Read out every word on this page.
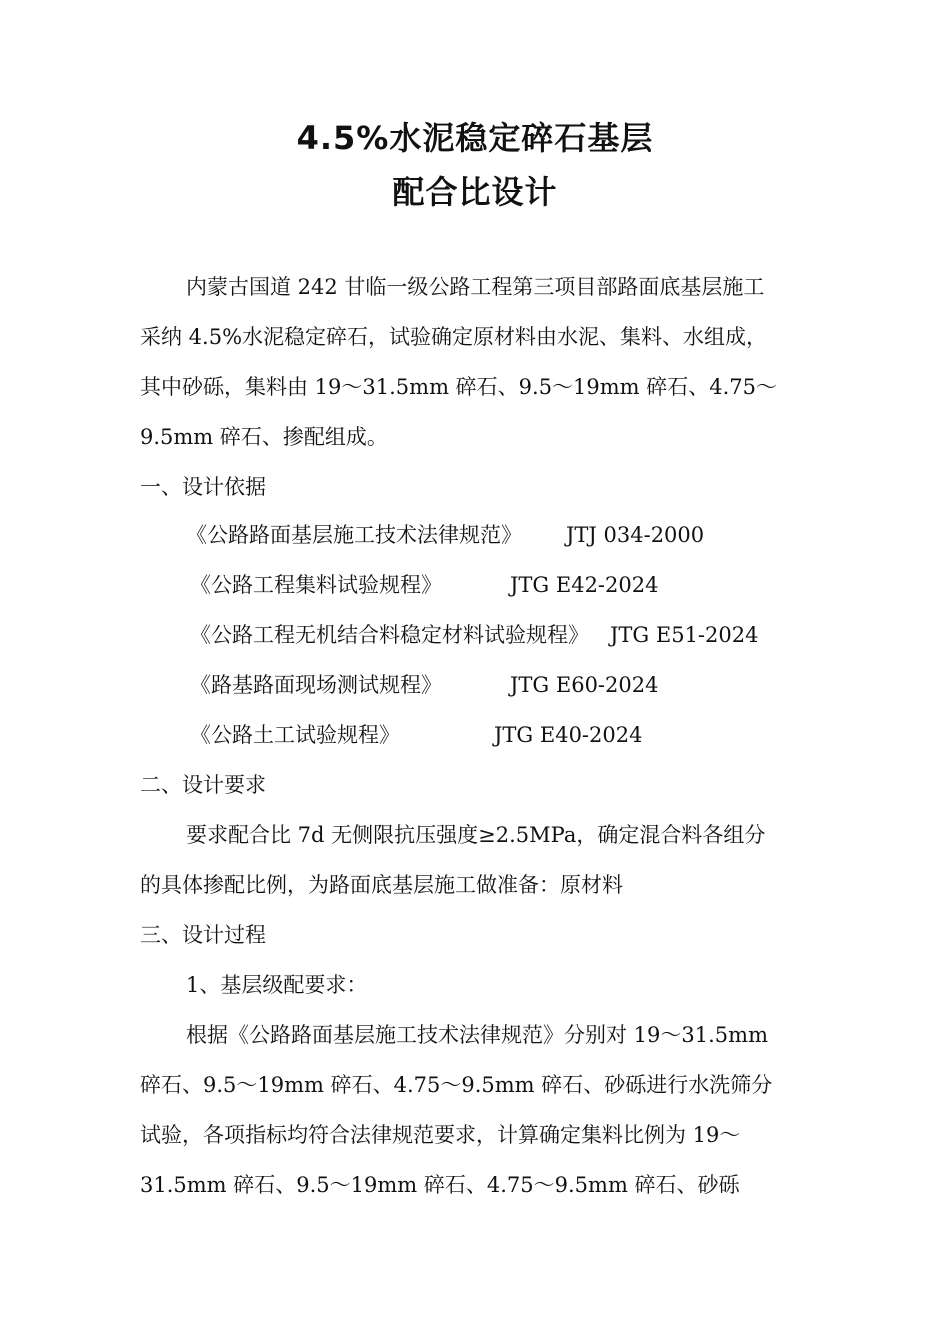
4.5%水泥稳定碎石基层
配合比设计
内蒙古国道 242 甘临一级公路工程第三项目部路面底基层施工
采纳 4.5%水泥稳定碎石，试验确定原材料由水泥、集料、水组成，
其中砂砾，集料由 19～31.5mm 碎石、9.5～19mm 碎石、4.75～
9.5mm 碎石、掺配组成。
一、设计依据
《公路路面基层施工技术法律规范》 JTJ 034-2000
《公路工程集料试验规程》	JTG E42-2024
《公路工程无机结合料稳定材料试验规程》 JTG E51-2024
《路基路面现场测试规程》	JTG E60-2024
《公路土工试验规程》	JTG E40-2024
二、设计要求
要求配合比 7d 无侧限抗压强度≥2.5MPa，确定混合料各组分
的具体掺配比例，为路面底基层施工做准备：原材料
三、设计过程
1、基层级配要求：
根据《公路路面基层施工技术法律规范》分别对 19～31.5mm
碎石、9.5～19mm 碎石、4.75～9.5mm 碎石、砂砾进行水洗筛分
试验，各项指标均符合法律规范要求，计算确定集料比例为 19～
31.5mm 碎石、9.5～19mm 碎石、4.75～9.5mm 碎石、砂砾
